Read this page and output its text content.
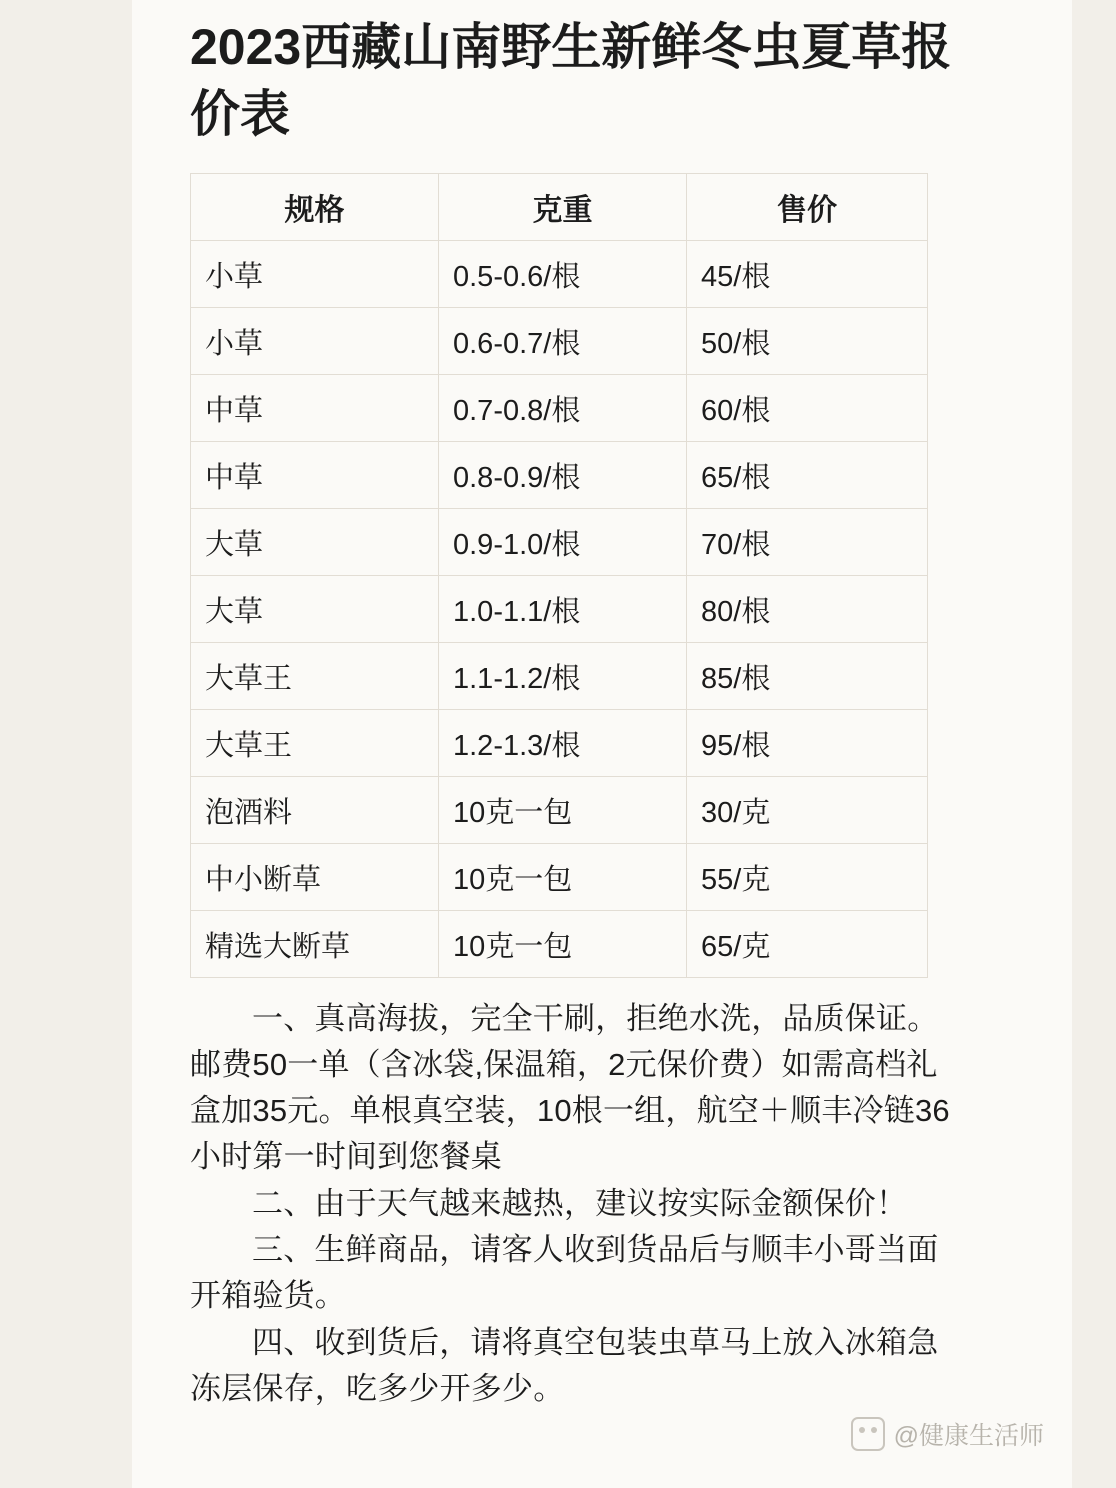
2023西藏山南野生新鲜冬虫夏草报价表
规格	克重	售价
小草	0.5-0.6/根	45/根
小草	0.6-0.7/根	50/根
中草	0.7-0.8/根	60/根
中草	0.8-0.9/根	65/根
大草	0.9-1.0/根	70/根
大草	1.0-1.1/根	80/根
大草王	1.1-1.2/根	85/根
大草王	1.2-1.3/根	95/根
泡酒料	10克一包	30/克
中小断草	10克一包	55/克
精选大断草	10克一包	65/克

一、真高海拔，完全干刷，拒绝水洗，品质保证。邮费50一单（含冰袋,保温箱，2元保价费）如需高档礼盒加35元。单根真空装，10根一组，航空＋顺丰冷链36小时第一时间到您餐桌

二、由于天气越来越热，建议按实际金额保价！

三、生鲜商品，请客人收到货品后与顺丰小哥当面开箱验货。

四、收到货后，请将真空包装虫草马上放入冰箱急冻层保存，吃多少开多少。

@健康生活师
